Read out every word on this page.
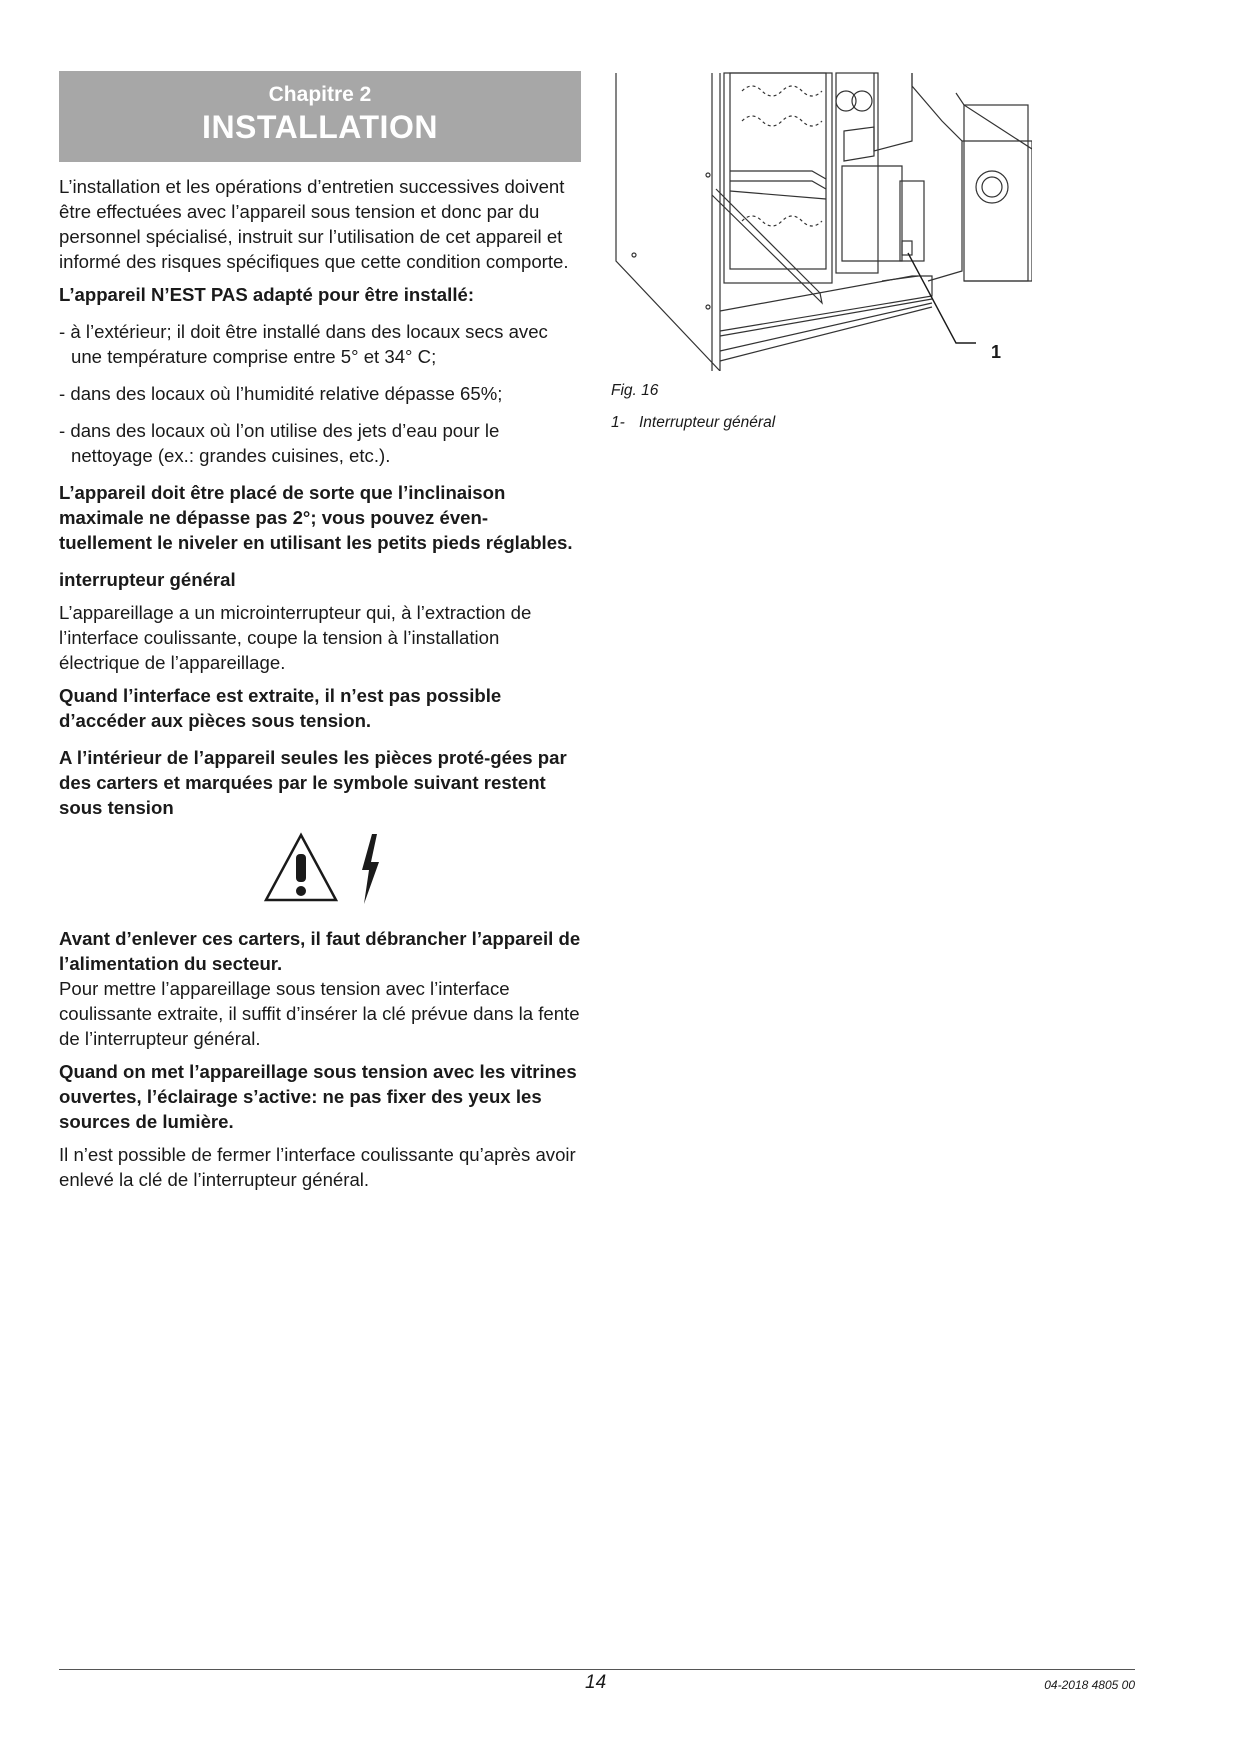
Chapitre 2
INSTALLATION

L’installation et les opérations d’entretien successives doivent être effectuées avec l’appareil sous tension et donc par du personnel spécialisé, instruit sur l’utilisation de cet appareil et informé des risques spécifiques que cette condition comporte.

L’appareil N’EST PAS adapté pour être installé:

- à l’extérieur; il doit être installé dans des locaux secs avec une température comprise entre 5° et 34° C;

- dans des locaux où l’humidité relative dépasse 65%;

- dans des locaux où l’on utilise des jets d’eau pour le nettoyage (ex.: grandes cuisines, etc.).

L’appareil doit être placé de sorte que l’inclinaison maximale ne dépasse pas 2°; vous pouvez éven-tuellement le niveler en utilisant les petits pieds réglables.

interrupteur général

L’appareillage a un microinterrupteur qui, à l’extraction de l’interface coulissante, coupe la tension à l’installation électrique de l’appareillage.

Quand l’interface est extraite, il n’est pas possible d’accéder aux pièces sous tension.

A l’intérieur de l’appareil seules les pièces proté-gées par des carters et marquées par le symbole suivant restent sous tension

Avant d’enlever ces carters, il faut débrancher l’appareil de l’alimentation du secteur.

Pour mettre l’appareillage sous tension avec l’interface coulissante extraite, il suffit d’insérer la clé prévue dans la fente de l’interrupteur général.

Quand on met l’appareillage sous tension avec les vitrines ouvertes, l’éclairage s’active: ne pas fixer des yeux les sources de lumière.

Il n’est possible de fermer l’interface coulissante qu’après avoir enlevé la clé de l’interrupteur général.

1
Fig. 16
1- Interrupteur général
14	04-2018 4805 00
